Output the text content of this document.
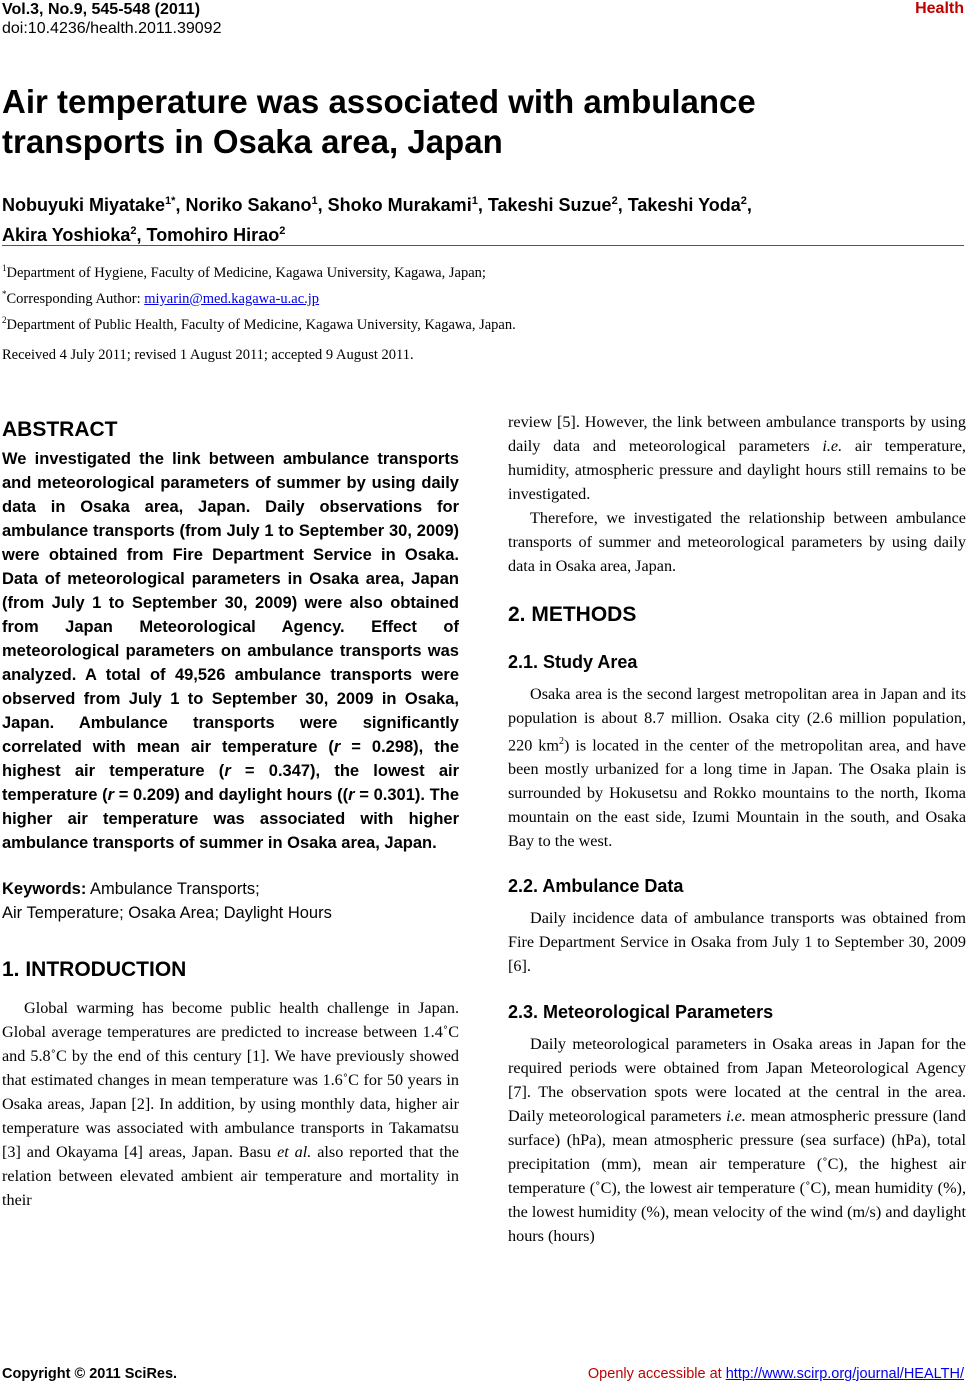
Vol.3, No.9, 545-548 (2011)
doi:10.4236/health.2011.39092
Health
Air temperature was associated with ambulance
transports in Osaka area, Japan
Nobuyuki Miyatake$^{1*}$, Noriko Sakano$^1$, Shoko Murakami$^1$, Takeshi Suzue$^2$, Takeshi Yoda$^2$,
Akira Yoshioka$^2$, Tomohiro Hirao$^2$
$^1$Department of Hygiene, Faculty of Medicine, Kagawa University, Kagawa, Japan;
*Corresponding Author: miyarin@med.kagawa-u.ac.jp
$^2$Department of Public Health, Faculty of Medicine, Kagawa University, Kagawa, Japan.
Received 4 July 2011; revised 1 August 2011; accepted 9 August 2011.
ABSTRACT

We investigated the link between ambulance transports and meteorological parameters of summer by using daily data in Osaka area, Japan. Daily observations for ambulance transports (from July 1 to September 30, 2009) were obtained from Fire Department Service in Osaka. Data of meteorological parameters in Osaka area, Japan (from July 1 to September 30, 2009) were also obtained from Japan Meteorological Agency. Effect of meteorological parameters on ambulance transports was analyzed. A total of 49,526 ambulance transports were observed from July 1 to September 30, 2009 in Osaka, Japan. Ambulance transports were significantly correlated with mean air temperature (r = 0.298), the highest air temperature (r = 0.347), the lowest air temperature (r = 0.209) and daylight hours ((r = 0.301). The higher air temperature was associated with higher ambulance transports of summer in Osaka area, Japan.

Keywords: Ambulance Transports;
Air Temperature; Osaka Area; Daylight Hours
1. INTRODUCTION

Global warming has become public health challenge in Japan. Global average temperatures are predicted to increase between 1.4˚C and 5.8˚C by the end of this century [1]. We have previously showed that estimated changes in mean temperature was 1.6˚C for 50 years in Osaka areas, Japan [2]. In addition, by using monthly data, higher air temperature was associated with ambulance transports in Takamatsu [3] and Okayama [4] areas, Japan. Basu et al. also reported that the relation between elevated ambient air temperature and mortality in their

review [5]. However, the link between ambulance transports by using daily data and meteorological parameters i.e. air temperature, humidity, atmospheric pressure and daylight hours still remains to be investigated.

Therefore, we investigated the relationship between ambulance transports of summer and meteorological parameters by using daily data in Osaka area, Japan.

2. METHODS
2.1. Study Area

Osaka area is the second largest metropolitan area in Japan and its population is about 8.7 million. Osaka city (2.6 million population, 220 $km^2$) is located in the center of the metropolitan area, and have been mostly urbanized for a long time in Japan. The Osaka plain is surrounded by Hokusetsu and Rokko mountains to the north, Ikoma mountain on the east side, Izumi Mountain in the south, and Osaka Bay to the west.

2.2. Ambulance Data

Daily incidence data of ambulance transports was obtained from Fire Department Service in Osaka from July 1 to September 30, 2009 [6].

2.3. Meteorological Parameters

Daily meteorological parameters in Osaka areas in Japan for the required periods were obtained from Japan Meteorological Agency [7]. The observation spots were located at the central in the area. Daily meteorological parameters i.e. mean atmospheric pressure (land surface) (hPa), mean atmospheric pressure (sea surface) (hPa), total precipitation (mm), mean air temperature (˚C), the highest air temperature (˚C), the lowest air temperature (˚C), mean humidity (%), the lowest humidity (%), mean velocity of the wind (m/s) and daylight hours (hours)

Copyright © 2011 SciRes.	Openly accessible at http://www.scirp.org/journal/HEALTH/
